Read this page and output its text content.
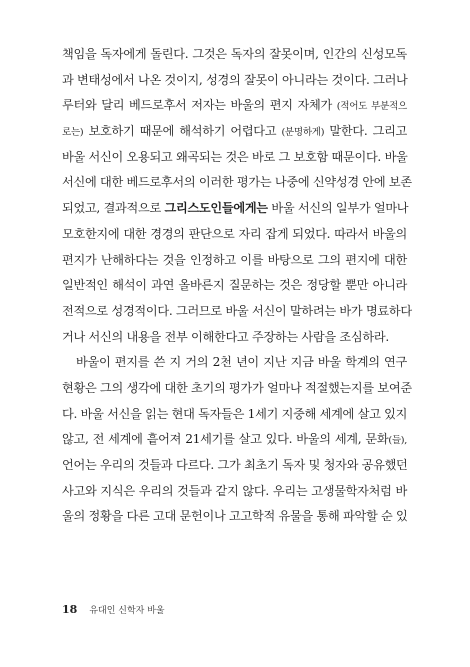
책임을 독자에게 돌린다. 그것은 독자의 잘못이며, 인간의 신성모독
과 변태성에서 나온 것이지, 성경의 잘못이 아니라는 것이다. 그러나
루터와 달리 베드로후서 저자는 바울의 편지 자체가 (적어도 부분적으
로는) 보호하기 때문에 해석하기 어렵다고 (분명하게) 말한다. 그리고
바울 서신이 오용되고 왜곡되는 것은 바로 그 보호함 때문이다. 바울
서신에 대한 베드로후서의 이러한 평가는 나중에 신약성경 안에 보존
되었고, 결과적으로 그리스도인들에게는 바울 서신의 일부가 얼마나
모호한지에 대한 경경의 판단으로 자리 잡게 되었다. 따라서 바울의
편지가 난해하다는 것을 인정하고 이를 바탕으로 그의 편지에 대한
일반적인 해석이 과연 올바른지 질문하는 것은 정당할 뿐만 아니라
전적으로 성경적이다. 그러므로 바울 서신이 말하려는 바가 명료하다
거나 서신의 내용을 전부 이해한다고 주장하는 사람을 조심하라.
바울이 편지를 쓴 지 거의 2천 년이 지난 지금 바울 학계의 연구
현황은 그의 생각에 대한 초기의 평가가 얼마나 적절했는지를 보여준
다. 바울 서신을 읽는 현대 독자들은 1세기 지중해 세계에 살고 있지
않고, 전 세계에 흩어져 21세기를 살고 있다. 바울의 세계, 문화(들),
언어는 우리의 것들과 다르다. 그가 최초기 독자 및 청자와 공유했던
사고와 지식은 우리의 것들과 같지 않다. 우리는 고생물학자처럼 바
울의 정황을 다른 고대 문헌이나 고고학적 유물을 통해 파악할 순 있
18 유대인 신학자 바울
